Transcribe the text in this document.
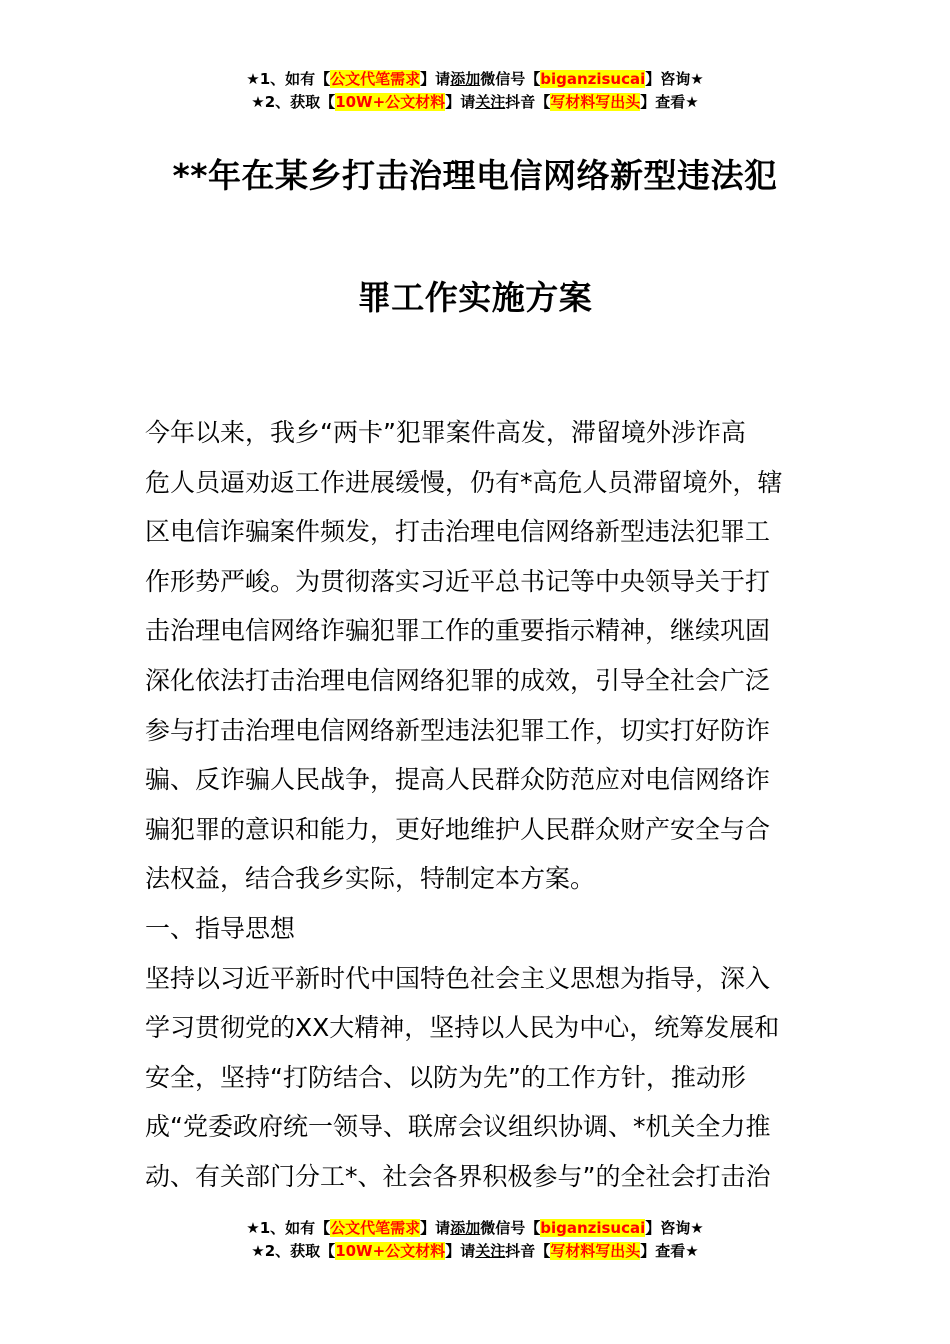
★1、如有【公文代笔需求】请添加微信号【biganzisucai】咨询★
★2、获取【10W+公文材料】请关注抖音【写材料写出头】查看★
**年在某乡打击治理电信网络新型违法犯
罪工作实施方案

今年以来，我乡“两卡”犯罪案件高发，滞留境外涉诈高

危人员逼劝返工作进展缓慢，仍有*高危人员滞留境外，辖

区电信诈骗案件频发，打击治理电信网络新型违法犯罪工

作形势严峻。为贯彻落实习近平总书记等中央领导关于打

击治理电信网络诈骗犯罪工作的重要指示精神，继续巩固

深化依法打击治理电信网络犯罪的成效，引导全社会广泛

参与打击治理电信网络新型违法犯罪工作，切实打好防诈

骗、反诈骗人民战争，提高人民群众防范应对电信网络诈

骗犯罪的意识和能力，更好地维护人民群众财产安全与合

法权益，结合我乡实际，特制定本方案。

一、指导思想

坚持以习近平新时代中国特色社会主义思想为指导，深入

学习贯彻党的XX大精神，坚持以人民为中心，统筹发展和

安全，坚持“打防结合、以防为先”的工作方针，推动形

成“党委政府统一领导、联席会议组织协调、*机关全力推

动、有关部门分工*、社会各界积极参与”的全社会打击治

★1、如有【公文代笔需求】请添加微信号【biganzisucai】咨询★
★2、获取【10W+公文材料】请关注抖音【写材料写出头】查看★
